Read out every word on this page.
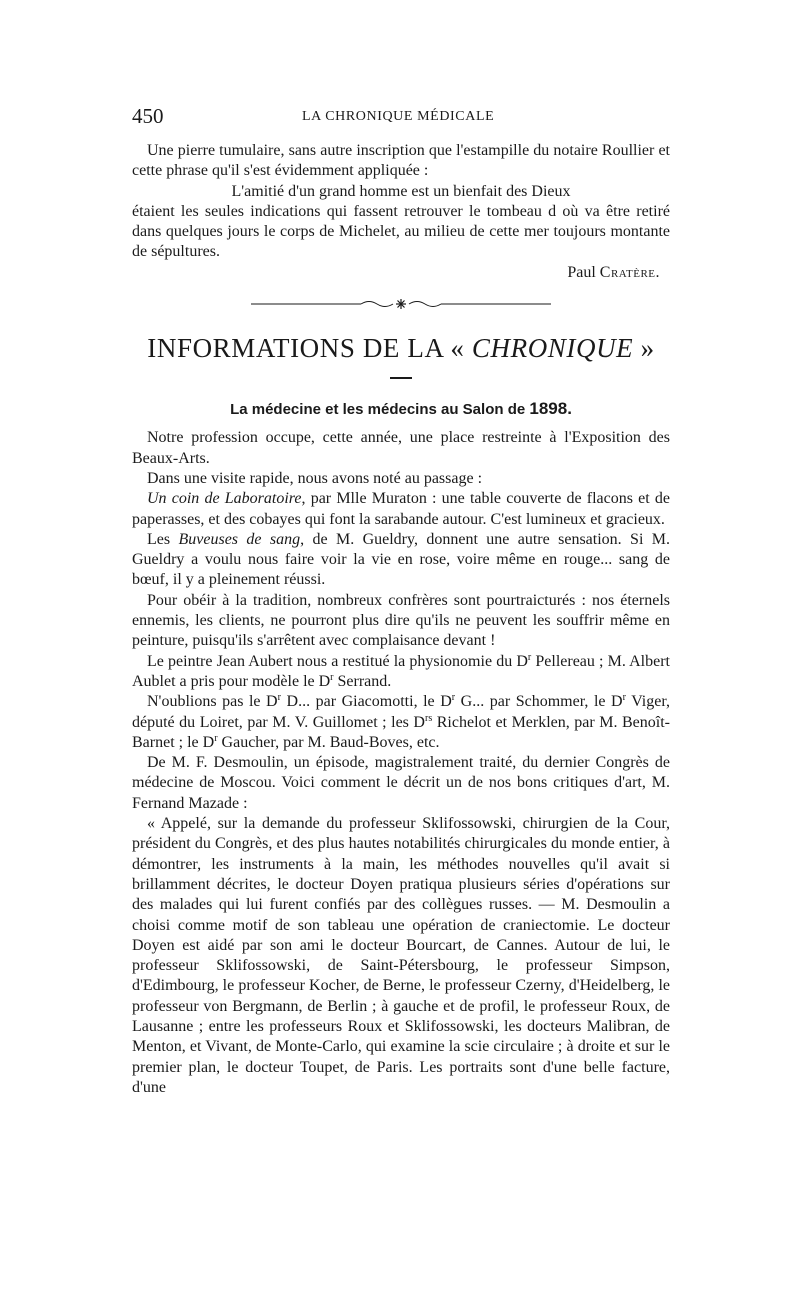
450	LA CHRONIQUE MÉDICALE

Une pierre tumulaire, sans autre inscription que l'estampille du notaire Roullier et cette phrase qu'il s'est évidemment appliquée :

L'amitié d'un grand homme est un bienfait des Dieux

étaient les seules indications qui fassent retrouver le tombeau d où va être retiré dans quelques jours le corps de Michelet, au milieu de cette mer toujours montante de sépultures.

Paul Cratère.

INFORMATIONS DE LA « CHRONIQUE »
La médecine et les médecins au Salon de 1898.

Notre profession occupe, cette année, une place restreinte à l'Exposition des Beaux-Arts.

Dans une visite rapide, nous avons noté au passage :

Un coin de Laboratoire, par Mlle Muraton : une table couverte de flacons et de paperasses, et des cobayes qui font la sarabande autour. C'est lumineux et gracieux.

Les Buveuses de sang, de M. Gueldry, donnent une autre sensation. Si M. Gueldry a voulu nous faire voir la vie en rose, voire même en rouge... sang de bœuf, il y a pleinement réussi.

Pour obéir à la tradition, nombreux confrères sont pourtraicturés : nos éternels ennemis, les clients, ne pourront plus dire qu'ils ne peuvent les souffrir même en peinture, puisqu'ils s'arrêtent avec complaisance devant !

Le peintre Jean Aubert nous a restitué la physionomie du $D^r$ Pellereau ; M. Albert Aublet a pris pour modèle le $D^r$ Serrand.

N'oublions pas le $D^r$ D... par Giacomotti, le $D^r$ G... par Schommer, le $D^r$ Viger, député du Loiret, par M. V. Guillomet ; les $D^{rs}$ Richelot et Merklen, par M. Benoît-Barnet ; le $D^r$ Gaucher, par M. Baud-Boves, etc.

De M. F. Desmoulin, un épisode, magistralement traité, du dernier Congrès de médecine de Moscou. Voici comment le décrit un de nos bons critiques d'art, M. Fernand Mazade :

« Appelé, sur la demande du professeur Sklifossowski, chirurgien de la Cour, président du Congrès, et des plus hautes notabilités chirurgicales du monde entier, à démontrer, les instruments à la main, les méthodes nouvelles qu'il avait si brillamment décrites, le docteur Doyen pratiqua plusieurs séries d'opérations sur des malades qui lui furent confiés par des collègues russes. — M. Desmoulin a choisi comme motif de son tableau une opération de craniectomie. Le docteur Doyen est aidé par son ami le docteur Bourcart, de Cannes. Autour de lui, le professeur Sklifossowski, de Saint-Pétersbourg, le professeur Simpson, d'Edimbourg, le professeur Kocher, de Berne, le professeur Czerny, d'Heidelberg, le professeur von Bergmann, de Berlin ; à gauche et de profil, le professeur Roux, de Lausanne ; entre les professeurs Roux et Sklifossowski, les docteurs Malibran, de Menton, et Vivant, de Monte-Carlo, qui examine la scie circulaire ; à droite et sur le premier plan, le docteur Toupet, de Paris. Les portraits sont d'une belle facture, d'une
